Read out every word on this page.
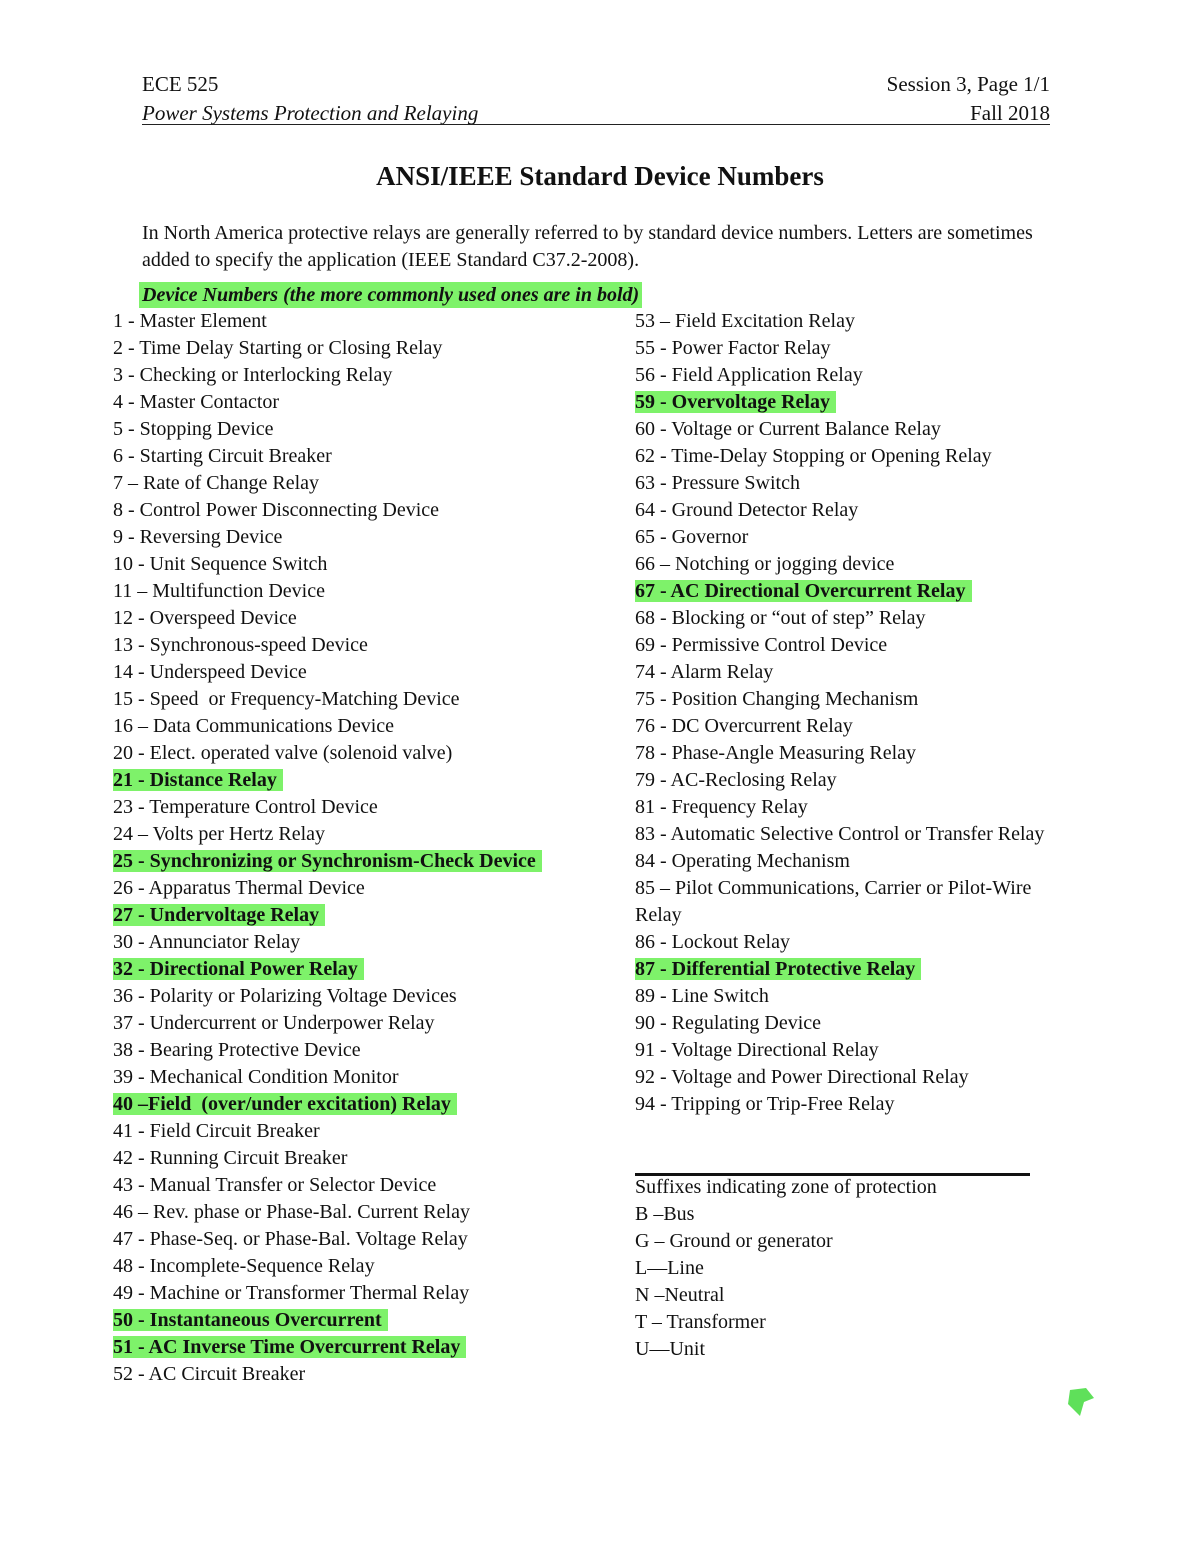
ECE 525	Session 3, Page 1/1
Power Systems Protection and Relaying	Fall 2018
ANSI/IEEE Standard Device Numbers

In North America protective relays are generally referred to by standard device numbers. Letters are sometimes added to specify the application (IEEE Standard C37.2-2008).

Device Numbers (the more commonly used ones are in bold)
1 - Master Element
2 - Time Delay Starting or Closing Relay
3 - Checking or Interlocking Relay
4 - Master Contactor
5 - Stopping Device
6 - Starting Circuit Breaker
7 – Rate of Change Relay
8 - Control Power Disconnecting Device
9 - Reversing Device
10 - Unit Sequence Switch
11 – Multifunction Device
12 - Overspeed Device
13 - Synchronous-speed Device
14 - Underspeed Device
15 - Speed  or Frequency-Matching Device
16 – Data Communications Device
20 - Elect. operated valve (solenoid valve)
21 - Distance Relay
23 - Temperature Control Device
24 – Volts per Hertz Relay
25 - Synchronizing or Synchronism-Check Device
26 - Apparatus Thermal Device
27 - Undervoltage Relay
30 - Annunciator Relay
32 - Directional Power Relay
36 - Polarity or Polarizing Voltage Devices
37 - Undercurrent or Underpower Relay
38 - Bearing Protective Device
39 - Mechanical Condition Monitor
40 –Field  (over/under excitation) Relay
41 - Field Circuit Breaker
42 - Running Circuit Breaker
43 - Manual Transfer or Selector Device
46 – Rev. phase or Phase-Bal. Current Relay
47 - Phase-Seq. or Phase-Bal. Voltage Relay
48 - Incomplete-Sequence Relay
49 - Machine or Transformer Thermal Relay
50 - Instantaneous Overcurrent
51 - AC Inverse Time Overcurrent Relay
52 - AC Circuit Breaker
53 – Field Excitation Relay
55 - Power Factor Relay
56 - Field Application Relay
59 - Overvoltage Relay
60 - Voltage or Current Balance Relay
62 - Time-Delay Stopping or Opening Relay
63 - Pressure Switch
64 - Ground Detector Relay
65 - Governor
66 – Notching or jogging device
67 - AC Directional Overcurrent Relay
68 - Blocking or “out of step” Relay
69 - Permissive Control Device
74 - Alarm Relay
75 - Position Changing Mechanism
76 - DC Overcurrent Relay
78 - Phase-Angle Measuring Relay
79 - AC-Reclosing Relay
81 - Frequency Relay
83 - Automatic Selective Control or Transfer Relay
84 - Operating Mechanism
85 – Pilot Communications, Carrier or Pilot-Wire Relay
86 - Lockout Relay
87 - Differential Protective Relay
89 - Line Switch
90 - Regulating Device
91 - Voltage Directional Relay
92 - Voltage and Power Directional Relay
94 - Tripping or Trip-Free Relay
Suffixes indicating zone of protection
B –Bus
G – Ground or generator
L—Line
N –Neutral
T – Transformer
U—Unit
